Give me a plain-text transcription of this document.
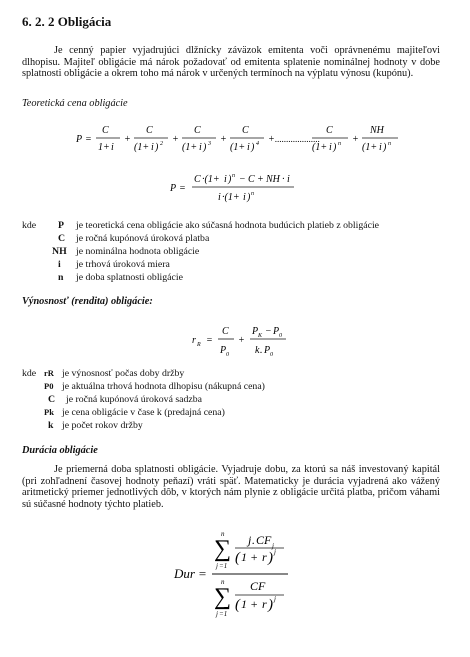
6. 2. 2 Obligácia
Je cenný papier vyjadrujúci dlžnícky záväzok emitenta voči oprávnenému majiteľovi dlhopisu. Majiteľ obligácie má nárok požadovať od emitenta splatenie nominálnej hodnoty v dobe splatnosti obligácie a okrem toho má nárok v určených termínoch na výplatu výnosu (kupónu).
Teoretická cena obligácie
P =
C
1+ i
+
C
(1+ i ) 2 +
C
(1+ i ) 3 +
C
(1+ i ) 4 + ....................
C
(1+ i ) n +
NH
(1+ i ) n
P =
C ·(1+ i ) n − C + NH · i
i ·(1+ i ) n
kde P je teoretická cena obligácie ako súčasná hodnota budúcich platieb z obligácie
C je ročná kupónová úroková platba
NH je nominálna hodnota obligácie
i je trhová úroková miera
n je doba splatnosti obligácie
Výnosnosť (rendita) obligácie:
r R =
C
P 0
+
P K − P 0
k . P 0
kde rR je výnosnosť počas doby držby
P0 je aktuálna trhová hodnota dlhopisu (nákupná cena)
C je ročná kupónová úroková sadzba
Pk je cena obligácie v čase k (predajná cena)
k je počet rokov držby
Durácia obligácie
Je priemerná doba splatnosti obligácie. Vyjadruje dobu, za ktorú sa náš investovaný kapitál (pri zohľadnení časovej hodnoty peňazí) vráti späť. Matematicky je durácia vyjadrená ako vážený aritmetický priemer jednotlivých dôb, v ktorých nám plynie z obligácie určitá platba, pričom váhami sú súčasné hodnoty týchto platieb.
Dur =
n
∑
j =1
j . CF j
( 1 + r ) j
n
∑
j =1
CF
( 1 + r ) j
